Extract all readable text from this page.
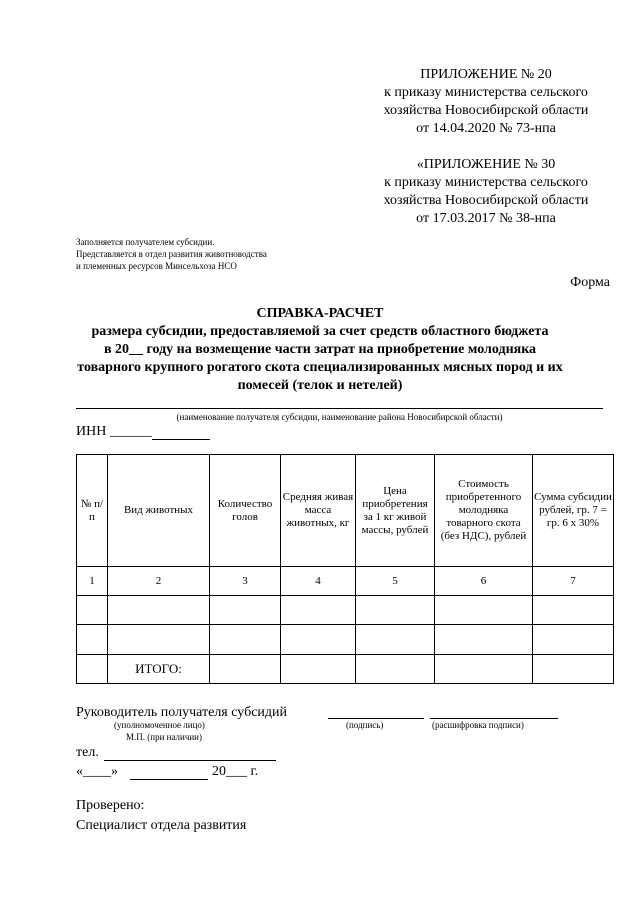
ПРИЛОЖЕНИЕ № 20
к приказу министерства сельского
хозяйства Новосибирской области
от 14.04.2020 № 73-нпа
«ПРИЛОЖЕНИЕ № 30
к приказу министерства сельского
хозяйства Новосибирской области
от 17.03.2017 № 38-нпа
Заполняется получателем субсидии.
Представляется в отдел развития животноводства
и племенных ресурсов Минсельхоза НСО
Форма
СПРАВКА-РАСЧЕТ
размера субсидии, предоставляемой за счет средств областного бюджета
в 20__ году на возмещение части затрат на приобретение молодняка
товарного крупного рогатого скота специализированных мясных пород и их
помесей (телок и нетелей)
(наименование получателя субсидии, наименование района Новосибирской области)
ИНН ______
№ п/п	Вид животных	Количество голов	Средняя живая масса животных, кг	Цена приобретения за 1 кг живой массы, рублей	Стоимость приобретенного молодняка товарного скота (без НДС), рублей	Сумма субсидии рублей, гр. 7 = гр. 6 х 30%
1	2	3	4	5	6	7

	ИТОГО:					
Руководитель получателя субсидий
(уполномоченное лицо)	(подпись)	(расшифровка подписи)
М.П. (при наличии)
тел.
«____»	20___ г.
Проверено:
Специалист отдела развития
